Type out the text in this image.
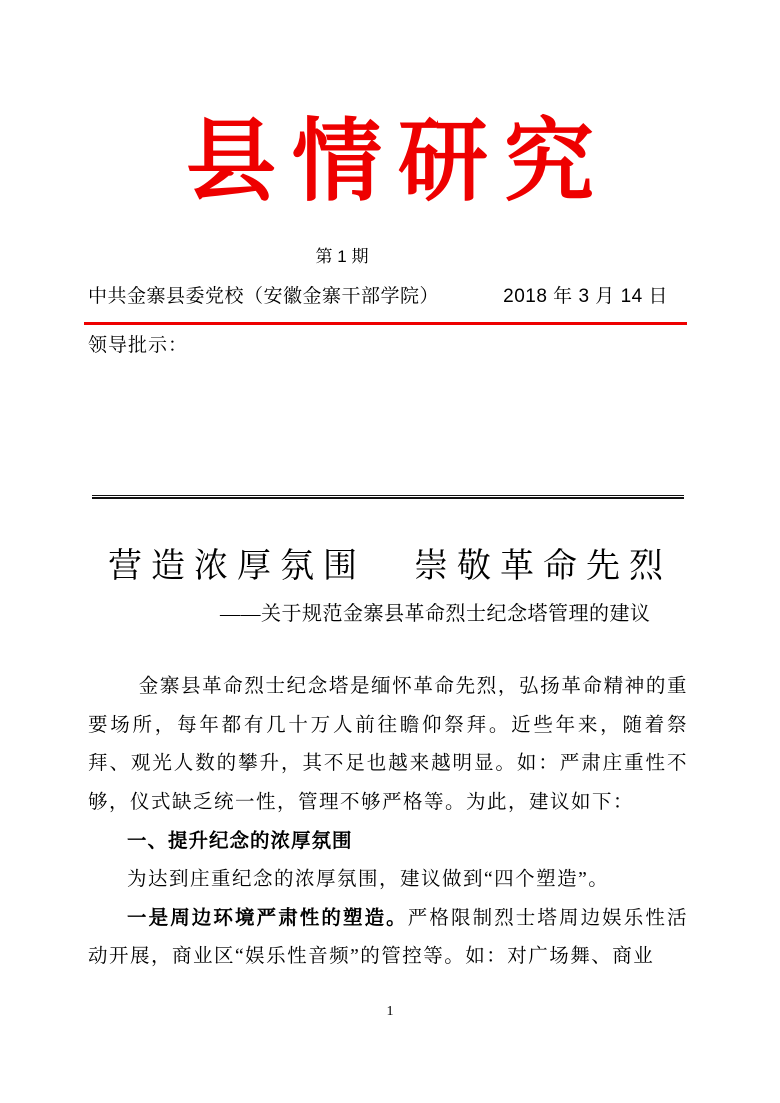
县情研究
第 1 期
中共金寨县委党校（安徽金寨干部学院）	2018 年 3 月 14 日
领导批示：
营造浓厚氛围 崇敬革命先烈
——关于规范金寨县革命烈士纪念塔管理的建议

金寨县革命烈士纪念塔是缅怀革命先烈，弘扬革命精神的重要场所，每年都有几十万人前往瞻仰祭拜。近些年来，随着祭拜、观光人数的攀升，其不足也越来越明显。如：严肃庄重性不够，仪式缺乏统一性，管理不够严格等。为此，建议如下：

一、提升纪念的浓厚氛围

为达到庄重纪念的浓厚氛围，建议做到“四个塑造”。

一是周边环境严肃性的塑造。严格限制烈士塔周边娱乐性活动开展，商业区“娱乐性音频”的管控等。如：对广场舞、商业

1
